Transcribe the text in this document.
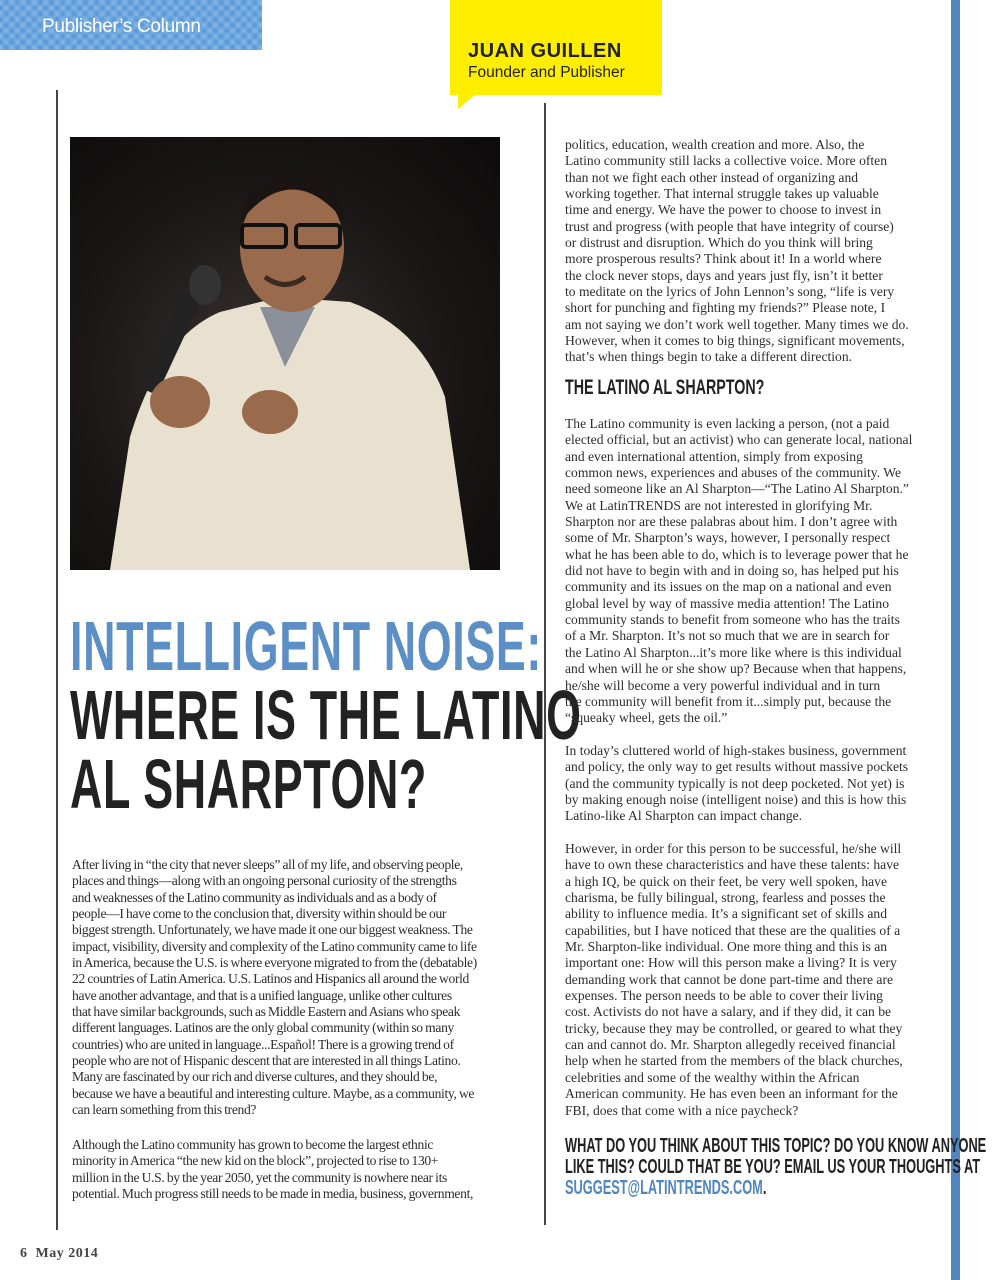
Publisher’s Column
JUAN GUILLEN
Founder and Publisher
INTELLIGENT NOISE:
WHERE IS THE LATINO
AL SHARPTON?
After living in “the city that never sleeps” all of my life, and observing people,
places and things—along with an ongoing personal curiosity of the strengths
and weaknesses of the Latino community as individuals and as a body of
people—I have come to the conclusion that, diversity within should be our
biggest strength. Unfortunately, we have made it one our biggest weakness. The
impact, visibility, diversity and complexity of the Latino community came to life
in America, because the U.S. is where everyone migrated to from the (debatable)
22 countries of Latin America. U.S. Latinos and Hispanics all around the world
have another advantage, and that is a unified language, unlike other cultures
that have similar backgrounds, such as Middle Eastern and Asians who speak
different languages. Latinos are the only global community (within so many
countries) who are united in language...Español! There is a growing trend of
people who are not of Hispanic descent that are interested in all things Latino.
Many are fascinated by our rich and diverse cultures, and they should be,
because we have a beautiful and interesting culture. Maybe, as a community, we
can learn something from this trend?
Although the Latino community has grown to become the largest ethnic
minority in America “the new kid on the block”, projected to rise to 130+
million in the U.S. by the year 2050, yet the community is nowhere near its
potential. Much progress still needs to be made in media, business, government,
politics, education, wealth creation and more. Also, the
Latino community still lacks a collective voice. More often
than not we fight each other instead of organizing and
working together. That internal struggle takes up valuable
time and energy. We have the power to choose to invest in
trust and progress (with people that have integrity of course)
or distrust and disruption. Which do you think will bring
more prosperous results? Think about it! In a world where
the clock never stops, days and years just fly, isn’t it better
to meditate on the lyrics of John Lennon’s song, “life is very
short for punching and fighting my friends?” Please note, I
am not saying we don’t work well together. Many times we do.
However, when it comes to big things, significant movements,
that’s when things begin to take a different direction.
THE LATINO AL SHARPTON?
The Latino community is even lacking a person, (not a paid
elected official, but an activist) who can generate local, national
and even international attention, simply from exposing
common news, experiences and abuses of the community. We
need someone like an Al Sharpton—“The Latino Al Sharpton.”
We at LatinTRENDS are not interested in glorifying Mr.
Sharpton nor are these palabras about him. I don’t agree with
some of Mr. Sharpton’s ways, however, I personally respect
what he has been able to do, which is to leverage power that he
did not have to begin with and in doing so, has helped put his
community and its issues on the map on a national and even
global level by way of massive media attention! The Latino
community stands to benefit from someone who has the traits
of a Mr. Sharpton. It’s not so much that we are in search for
the Latino Al Sharpton...it’s more like where is this individual
and when will he or she show up? Because when that happens,
he/she will become a very powerful individual and in turn
the community will benefit from it...simply put, because the
“squeaky wheel, gets the oil.”
In today’s cluttered world of high-stakes business, government
and policy, the only way to get results without massive pockets
(and the community typically is not deep pocketed. Not yet) is
by making enough noise (intelligent noise) and this is how this
Latino-like Al Sharpton can impact change.
However, in order for this person to be successful, he/she will
have to own these characteristics and have these talents: have
a high IQ, be quick on their feet, be very well spoken, have
charisma, be fully bilingual, strong, fearless and posses the
ability to influence media. It’s a significant set of skills and
capabilities, but I have noticed that these are the qualities of a
Mr. Sharpton-like individual. One more thing and this is an
important one: How will this person make a living? It is very
demanding work that cannot be done part-time and there are
expenses. The person needs to be able to cover their living
cost. Activists do not have a salary, and if they did, it can be
tricky, because they may be controlled, or geared to what they
can and cannot do. Mr. Sharpton allegedly received financial
help when he started from the members of the black churches,
celebrities and some of the wealthy within the African
American community. He has even been an informant for the
FBI, does that come with a nice paycheck?
WHAT DO YOU THINK ABOUT THIS TOPIC? DO YOU KNOW ANYONE
LIKE THIS? COULD THAT BE YOU? EMAIL US YOUR THOUGHTS AT
SUGGEST@LATINTRENDS.COM.
6 May 2014
